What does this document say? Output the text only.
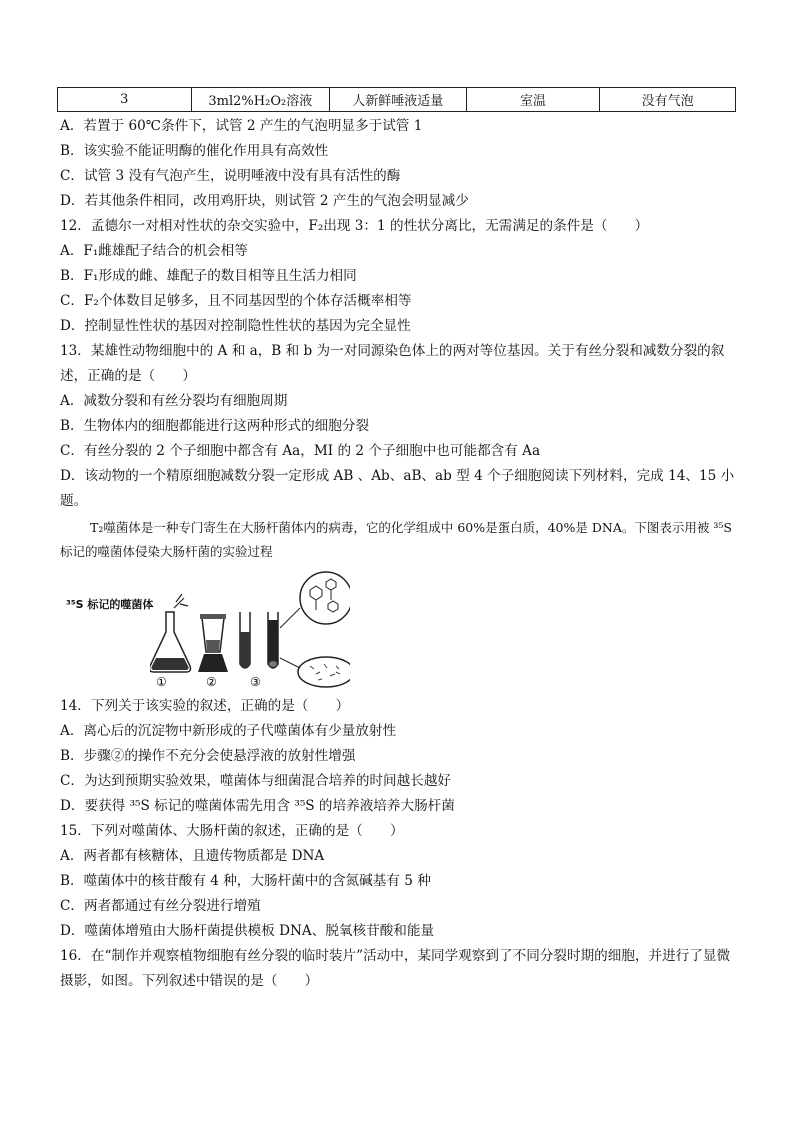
3	3ml2%H₂O₂溶液	人新鲜唾液适量	室温	没有气泡
A．若置于 60℃条件下，试管 2 产生的气泡明显多于试管 1
B．该实验不能证明酶的催化作用具有高效性
C．试管 3 没有气泡产生，说明唾液中没有具有活性的酶
D．若其他条件相同，改用鸡肝块，则试管 2 产生的气泡会明显减少
12．孟德尔一对相对性状的杂交实验中，F₂出现 3：1 的性状分离比，无需满足的条件是（　　）
A．F₁雌雄配子结合的机会相等
B．F₁形成的雌、雄配子的数目相等且生活力相同
C．F₂个体数目足够多，且不同基因型的个体存活概率相等
D．控制显性性状的基因对控制隐性性状的基因为完全显性
13．某雄性动物细胞中的 A 和 a，B 和 b 为一对同源染色体上的两对等位基因。关于有丝分裂和减数分裂的叙述，正确的是（　　）
A．减数分裂和有丝分裂均有细胞周期
B．生物体内的细胞都能进行这两种形式的细胞分裂
C．有丝分裂的 2 个子细胞中都含有 Aa，MI 的 2 个子细胞中也可能都含有 Aa
D．该动物的一个精原细胞减数分裂一定形成 AB 、Ab、aB、ab 型 4 个子细胞阅读下列材料，完成 14、15 小题。
T₂噬菌体是一种专门寄生在大肠杆菌体内的病毒，它的化学组成中 60%是蛋白质，40%是 DNA。下图表示用被 ³⁵S 标记的噬菌体侵染大肠杆菌的实验过程
³⁵S 标记的噬菌体
①	②	③
14．下列关于该实验的叙述，正确的是（　　）
A．离心后的沉淀物中新形成的子代噬菌体有少量放射性
B．步骤②的操作不充分会使悬浮液的放射性增强
C．为达到预期实验效果，噬菌体与细菌混合培养的时间越长越好
D．要获得 ³⁵S 标记的噬菌体需先用含 ³⁵S 的培养液培养大肠杆菌
15．下列对噬菌体、大肠杆菌的叙述，正确的是（　　）
A．两者都有核糖体，且遗传物质都是 DNA
B．噬菌体中的核苷酸有 4 种，大肠杆菌中的含氮碱基有 5 种
C．两者都通过有丝分裂进行增殖
D．噬菌体增殖由大肠杆菌提供模板 DNA、脱氧核苷酸和能量
16．在“制作并观察植物细胞有丝分裂的临时装片”活动中，某同学观察到了不同分裂时期的细胞，并进行了显微摄影，如图。下列叙述中错误的是（　　）
